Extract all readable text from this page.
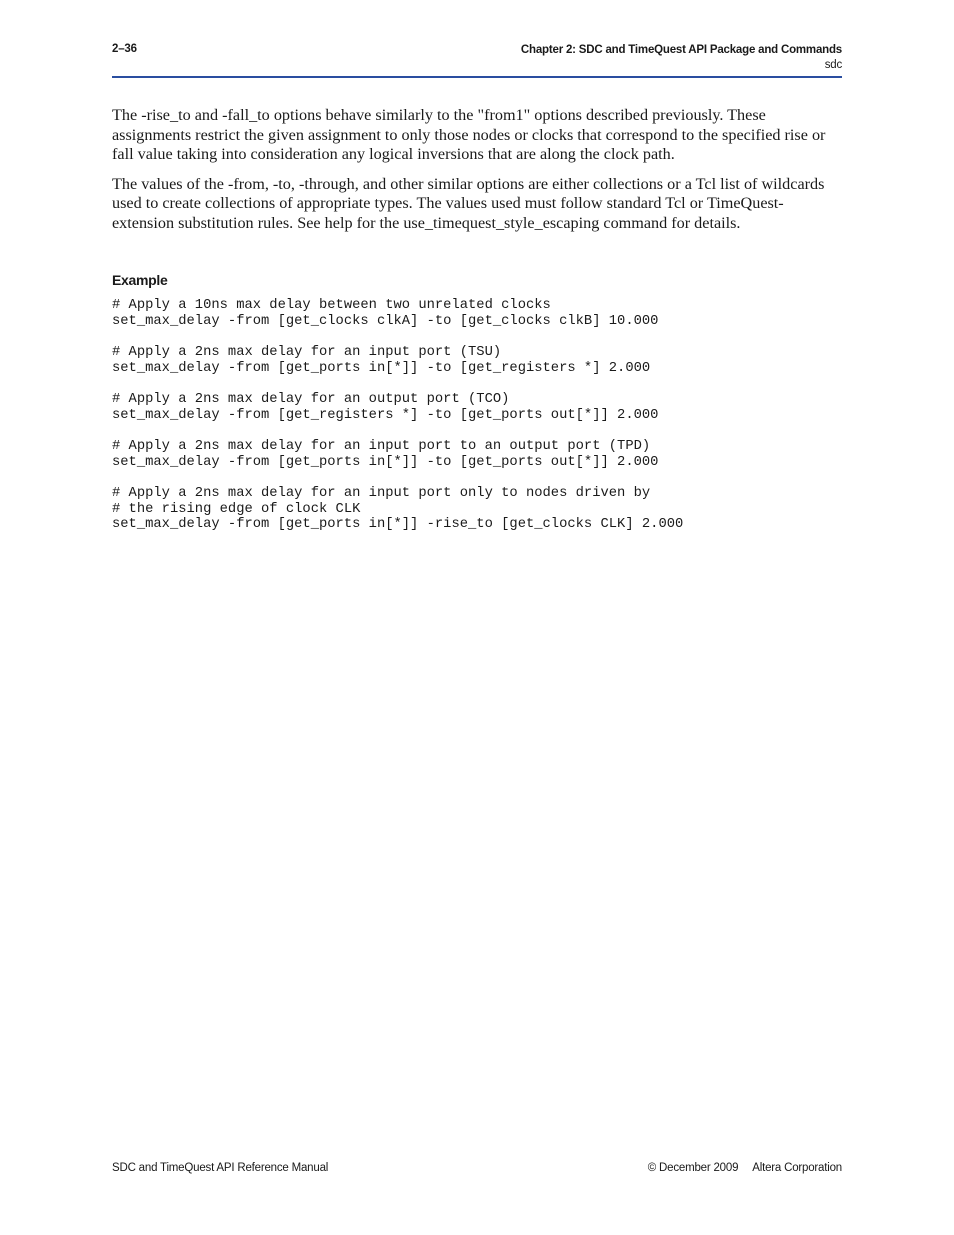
2–36	Chapter 2: SDC and TimeQuest API Package and Commands
sdc

The -rise_to and -fall_to options behave similarly to the "from1" options described previously. These assignments restrict the given assignment to only those nodes or clocks that correspond to the specified rise or fall value taking into consideration any logical inversions that are along the clock path.

The values of the -from, -to, -through, and other similar options are either collections or a Tcl list of wildcards used to create collections of appropriate types. The values used must follow standard Tcl or TimeQuest-extension substitution rules. See help for the use_timequest_style_escaping command for details.

Example
# Apply a 10ns max delay between two unrelated clocks
set_max_delay -from [get_clocks clkA] -to [get_clocks clkB] 10.000

# Apply a 2ns max delay for an input port (TSU)
set_max_delay -from [get_ports in[*]] -to [get_registers *] 2.000

# Apply a 2ns max delay for an output port (TCO)
set_max_delay -from [get_registers *] -to [get_ports out[*]] 2.000

# Apply a 2ns max delay for an input port to an output port (TPD)
set_max_delay -from [get_ports in[*]] -to [get_ports out[*]] 2.000

# Apply a 2ns max delay for an input port only to nodes driven by
# the rising edge of clock CLK
set_max_delay -from [get_ports in[*]] -rise_to [get_clocks CLK] 2.000
SDC and TimeQuest API Reference Manual	© December 2009 Altera Corporation
